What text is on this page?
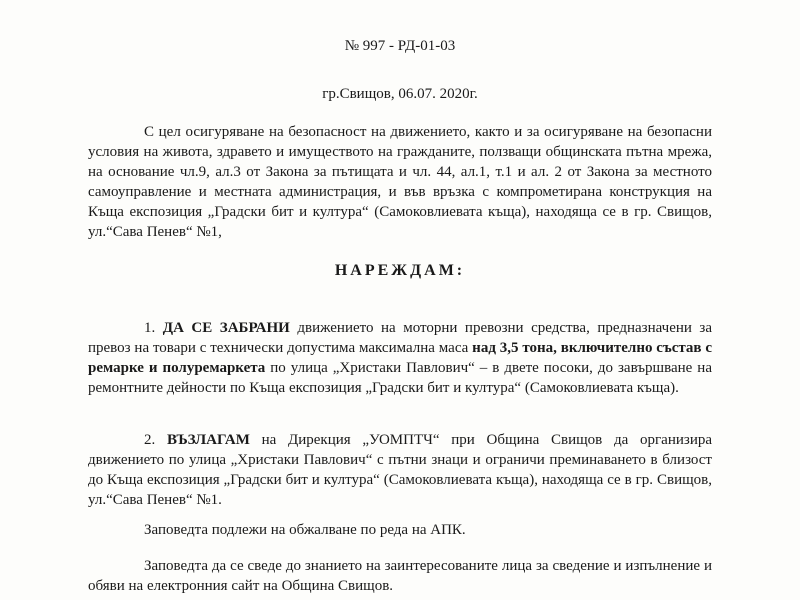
№ 997 - РД-01-03
гр.Свищов, 06.07. 2020г.
С цел осигуряване на безопасност на движението, както и за осигуряване на безопасни условия на живота, здравето и имуществото на гражданите, ползващи общинската пътна мрежа, на основание чл.9, ал.3 от Закона за пътищата и чл. 44, ал.1, т.1 и ал. 2 от Закона за местното самоуправление и местната администрация, и във връзка с компрометирана конструкция на Къща експозиция „Градски бит и култура“ (Самоковлиевата къща), находяща се в гр. Свищов, ул.“Сава Пенев“ №1,
НАРЕЖДАМ:
1. ДА СЕ ЗАБРАНИ движението на моторни превозни средства, предназначени за превоз на товари с технически допустима максимална маса над 3,5 тона, включително състав с ремарке и полуремаркета по улица „Христаки Павлович“ – в двете посоки, до завършване на ремонтните дейности по Къща експозиция „Градски бит и култура“ (Самоковлиевата къща).
2. ВЪЗЛАГАМ на Дирекция „УОМПТЧ“ при Община Свищов да организира движението по улица „Христаки Павлович“ с пътни знаци и ограничи преминаването в близост до Къща експозиция „Градски бит и култура“ (Самоковлиевата къща), находяща се в гр. Свищов, ул.“Сава Пенев“ №1.
Заповедта подлежи на обжалване по реда на АПК.
Заповедта да се сведе до знанието на заинтересованите лица за сведение и изпълнение и обяви на електронния сайт на Община Свищов.
